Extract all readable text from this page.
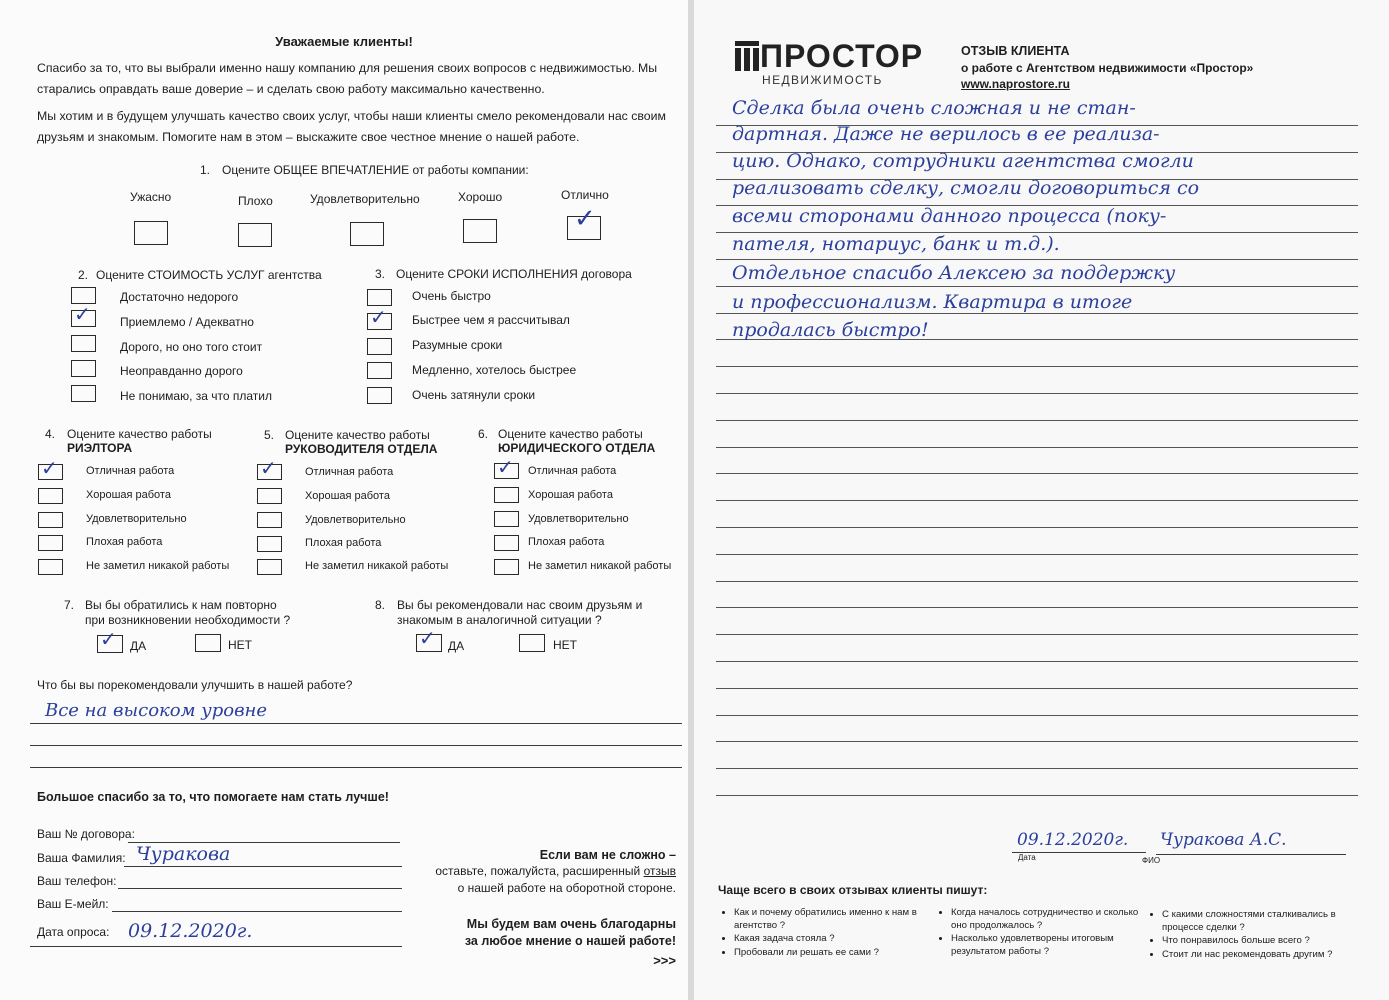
Уважаемые клиенты!

Спасибо за то, что вы выбрали именно нашу компанию для решения своих вопросов с недвижимостью. Мы старались оправдать ваше доверие – и сделать свою работу максимально качественно.

Мы хотим и в будущем улучшать качество своих услуг, чтобы наши клиенты смело рекомендовали нас своим друзьям и знакомым. Помогите нам в этом – выскажите свое честное мнение о нашей работе.

1. Оцените ОБЩЕЕ ВПЕЧАТЛЕНИЕ от работы компании:
Ужасно	Плохо	Удовлетворительно	Хорошо	Отлично
✓
2. Оцените СТОИМОСТЬ УСЛУГ агентства
✓
Достаточно недорого
Приемлемо / Адекватно
Дорого, но оно того стоит
Неоправданно дорого
Не понимаю, за что платил
3. Оцените СРОКИ ИСПОЛНЕНИЯ договора
✓
Очень быстро
Быстрее чем я рассчитывал
Разумные сроки
Медленно, хотелось быстрее
Очень затянули сроки
4. Оцените качество работы
РИЭЛТОРА
✓	Отличная работа
Хорошая работа
Удовлетворительно
Плохая работа
Не заметил никакой работы
5. Оцените качество работы
РУКОВОДИТЕЛЯ ОТДЕЛА
✓	Отличная работа
Хорошая работа
Удовлетворительно
Плохая работа
Не заметил никакой работы
6. Оцените качество работы
ЮРИДИЧЕСКОГО ОТДЕЛА
✓ Отличная работа
Хорошая работа
Удовлетворительно
Плохая работа
Не заметил никакой работы
7. Вы бы обратились к нам повторно
при возникновении необходимости ?
✓ ДА	НЕТ
8. Вы бы рекомендовали нас своим друзьям и
знакомым в аналогичной ситуации ?
✓ ДА	НЕТ
Что бы вы порекомендовали улучшить в нашей работе?
Все на высоком уровне
Большое спасибо за то, что помогаете нам стать лучше!
Ваш № договора:
Ваша Фамилия: Чуракова
Ваш телефон:
Ваш Е-мейл:
Дата опроса: 09.12.2020г.
Если вам не сложно –
оставьте, пожалуйста, расширенный отзыв
о нашей работе на оборотной стороне.
Мы будем вам очень благодарны
за любое мнение о нашей работе!
>>>
ПРОСТОР
НЕДВИЖИМОСТЬ
ОТЗЫВ КЛИЕНТА
о работе с Агентством недвижимости «Простор»
www.naprostore.ru
Сделка была очень сложная и не стан-
дартная. Даже не верилось в ее реализа-
цию. Однако, сотрудники агентства смогли
реализовать сделку, смогли договориться со
всеми сторонами данного процесса (поку-
пателя, нотариус, банк и т.д.).
Отдельное спасибо Алексею за поддержку
и профессионализм. Квартира в итоге
продалась быстро!
09.12.2020г.
Дата
Чуракова А.С.
ФИО
Чаще всего в своих отзывах клиенты пишут:
• Как и почему обратились именно к нам в агентство ?
• Какая задача стояла ?
• Пробовали ли решать ее сами ?
• Когда началось сотрудничество и сколько оно продолжалось ?
• Насколько удовлетворены итоговым результатом работы ?
• С какими сложностями сталкивались в процессе сделки ?
• Что понравилось больше всего ?
• Стоит ли нас рекомендовать другим ?
